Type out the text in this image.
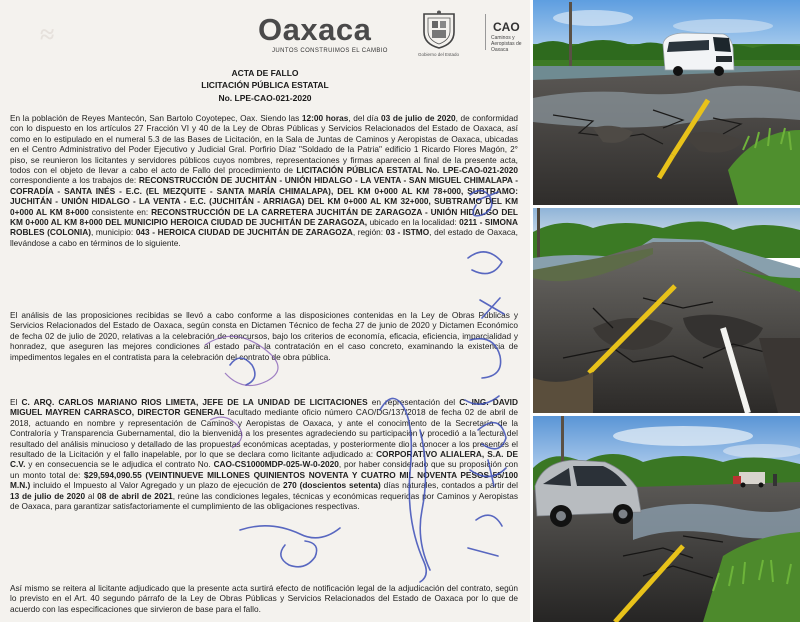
≈	Oaxaca
JUNTOS CONSTRUIMOS EL CAMBIO
Gobierno del Estado
CAO
Caminos y Aeropistas de Oaxaca
ACTA DE FALLO
LICITACIÓN PÚBLICA ESTATAL
No. LPE-CAO-021-2020

En la población de Reyes Mantecón, San Bartolo Coyotepec, Oax. Siendo las 12:00 horas, del día 03 de julio de 2020, de conformidad con lo dispuesto en los artículos 27 Fracción VI y 40 de la Ley de Obras Públicas y Servicios Relacionados del Estado de Oaxaca, así como en lo estipulado en el numeral 5.3 de las Bases de Licitación, en la Sala de Juntas de Caminos y Aeropistas de Oaxaca, ubicadas en el Centro Administrativo del Poder Ejecutivo y Judicial Gral. Porfirio Díaz "Soldado de la Patria" edificio 1 Ricardo Flores Magón, 2° piso, se reunieron los licitantes y servidores públicos cuyos nombres, representaciones y firmas aparecen al final de la presente acta, todos con el objeto de llevar a cabo el acto de Fallo del procedimiento de LICITACIÓN PÚBLICA ESTATAL No. LPE-CAO-021-2020 correspondiente a los trabajos de: RECONSTRUCCIÓN DE JUCHITÁN - UNIÓN HIDALGO - LA VENTA - SAN MIGUEL CHIMALAPA - COFRADÍA - SANTA INÉS - E.C. (EL MEZQUITE - SANTA MARÍA CHIMALAPA), DEL KM 0+000 AL KM 78+000, SUBTRAMO: JUCHITÁN - UNIÓN HIDALGO - LA VENTA - E.C. (JUCHITÁN - ARRIAGA) DEL KM 0+000 AL KM 32+000, SUBTRAMO DEL KM 0+000 AL KM 8+000 consistente en: RECONSTRUCCIÓN DE LA CARRETERA JUCHITÁN DE ZARAGOZA - UNIÓN HIDALGO DEL KM 0+000 AL KM 8+000 DEL MUNICIPIO HEROICA CIUDAD DE JUCHITÁN DE ZARAGOZA, ubicado en la localidad: 0211 - SIMONA ROBLES (COLONIA), municipio: 043 - HEROICA CIUDAD DE JUCHITÁN DE ZARAGOZA, región: 03 - ISTMO, del estado de Oaxaca, llevándose a cabo en términos de lo siguiente.

El análisis de las proposiciones recibidas se llevó a cabo conforme a las disposiciones contenidas en la Ley de Obras Públicas y Servicios Relacionados del Estado de Oaxaca, según consta en Dictamen Técnico de fecha 27 de junio de 2020 y Dictamen Económico de fecha 02 de julio de 2020, relativas a la celebración de concursos, bajo los criterios de economía, eficacia, eficiencia, imparcialidad y honradez, que aseguren las mejores condiciones al estado para la contratación en el caso concreto, examinando la existencia de impedimentos legales en el contratista para la celebración del contrato de obra pública.

El C. ARQ. CARLOS MARIANO RIOS LIMETA, JEFE DE LA UNIDAD DE LICITACIONES en representación del C. ING. DAVID MIGUEL MAYREN CARRASCO, DIRECTOR GENERAL facultado mediante oficio número CAO/DG/137/2018 de fecha 02 de abril de 2018, actuando en nombre y representación de Caminos y Aeropistas de Oaxaca, y ante el conocimiento de la Secretaría de la Contraloría y Transparencia Gubernamental, dio la bienvenida a los presentes agradeciendo su participación y procedió a la lectura del resultado del análisis minucioso y detallado de las propuestas económicas aceptadas, y posteriormente dio a conocer a los presentes el resultado de la Licitación y el fallo inapelable, por lo que se declara como licitante adjudicado a: CORPORATIVO ALIALERA, S.A. DE C.V. y en consecuencia se le adjudica el contrato No. CAO-CS1000MDP-025-W-0-2020, por haber considerado que su proposición con un monto total de: $29,594,090.55 (VEINTINUEVE MILLONES QUINIENTOS NOVENTA Y CUATRO MIL NOVENTA PESOS 55/100 M.N.) incluido el Impuesto al Valor Agregado y un plazo de ejecución de 270 (doscientos setenta) días naturales, contados a partir del 13 de julio de 2020 al 08 de abril de 2021, reúne las condiciones legales, técnicas y económicas requeridas por Caminos y Aeropistas de Oaxaca, para garantizar satisfactoriamente el cumplimiento de las obligaciones respectivas.

Así mismo se reitera al licitante adjudicado que la presente acta surtirá efecto de notificación legal de la adjudicación del contrato, según lo previsto en el Art. 40 segundo párrafo de la Ley de Obras Públicas y Servicios Relacionados del Estado de Oaxaca por lo que de acuerdo con las especificaciones que sirvieron de base para el fallo.
